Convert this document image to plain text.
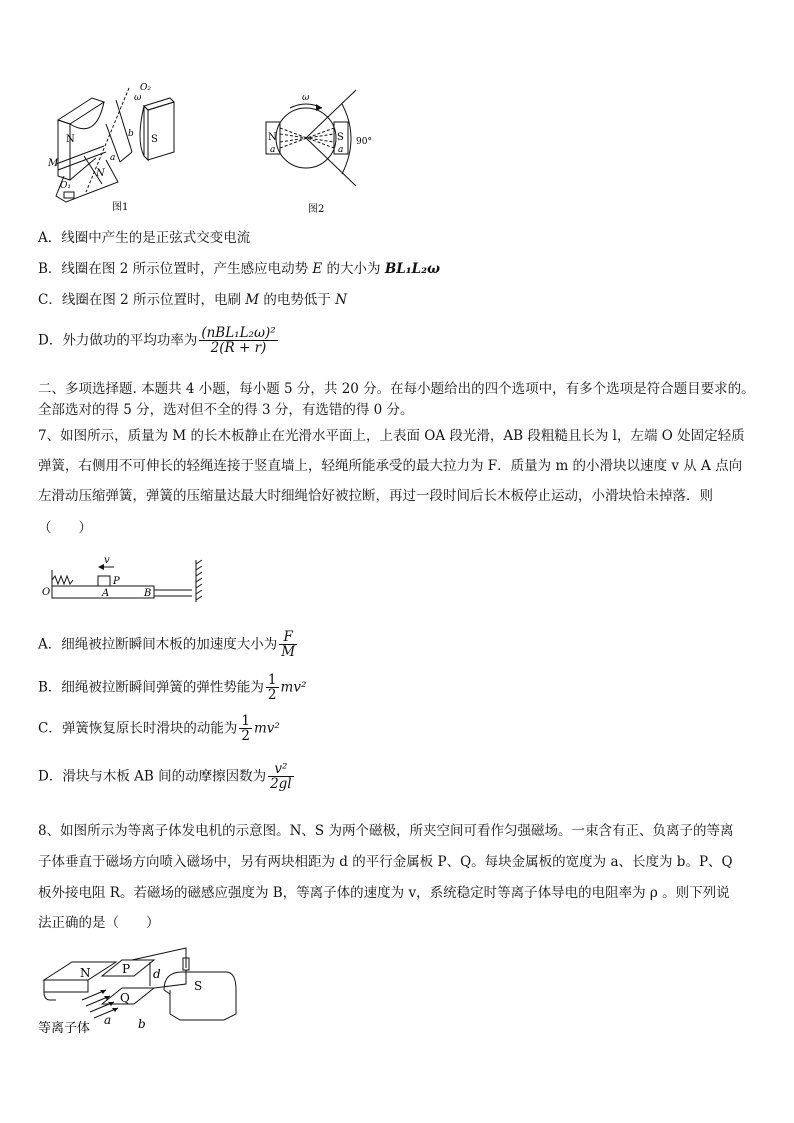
N	S
M
N
O₁
O₂
ω
a
b
图1
N	S
a	a
ω
90°
图2
A．线圈中产生的是正弦式交变电流
B．线圈在图 2 所示位置时，产生感应电动势 E 的大小为 BL₁L₂ω
C．线圈在图 2 所示位置时，电刷 M 的电势低于 N
D．外力做功的平均功率为 $\frac{\text{(nBL₁L₂ω)²}}{2(R + r)}$
二、多项选择题. 本题共 4 小题，每小题 5 分，共 20 分。在每小题给出的四个选项中，有多个选项是符合题目要求的。
全部选对的得 5 分，选对但不全的得 3 分，有选错的得 0 分。
7、如图所示，质量为 M 的长木板静止在光滑水平面上，上表面 OA 段光滑，AB 段粗糙且长为 l，左端 O 处固定轻质
弹簧，右侧用不可伸长的轻绳连接于竖直墙上，轻绳所能承受的最大拉力为 F．质量为 m 的小滑块以速度 v 从 A 点向
左滑动压缩弹簧，弹簧的压缩量达最大时细绳恰好被拉断，再过一段时间后长木板停止运动，小滑块恰未掉落．则
（　　）
v
P
O	A	B
A．细绳被拉断瞬间木板的加速度大小为 $\frac{F}{M}$
B．细绳被拉断瞬间弹簧的弹性势能为 $\frac{1}{2} mv^2$
C．弹簧恢复原长时滑块的动能为 $\frac{1}{2} mv^2$
D．滑块与木板 AB 间的动摩擦因数为 $\frac{\text{v²}}{2gl}$
8、如图所示为等离子体发电机的示意图。N、S 为两个磁极，所夹空间可看作匀强磁场。一束含有正、负离子的等离
子体垂直于磁场方向喷入磁场中，另有两块相距为 d 的平行金属板 P、Q。每块金属板的宽度为 a、长度为 b。P、Q
板外接电阻 R。若磁场的磁感应强度为 B，等离子体的速度为 v，系统稳定时等离子体导电的电阻率为 ρ 。则下列说
法正确的是（　　）
N	P d
Q
S
a b
等离子体
